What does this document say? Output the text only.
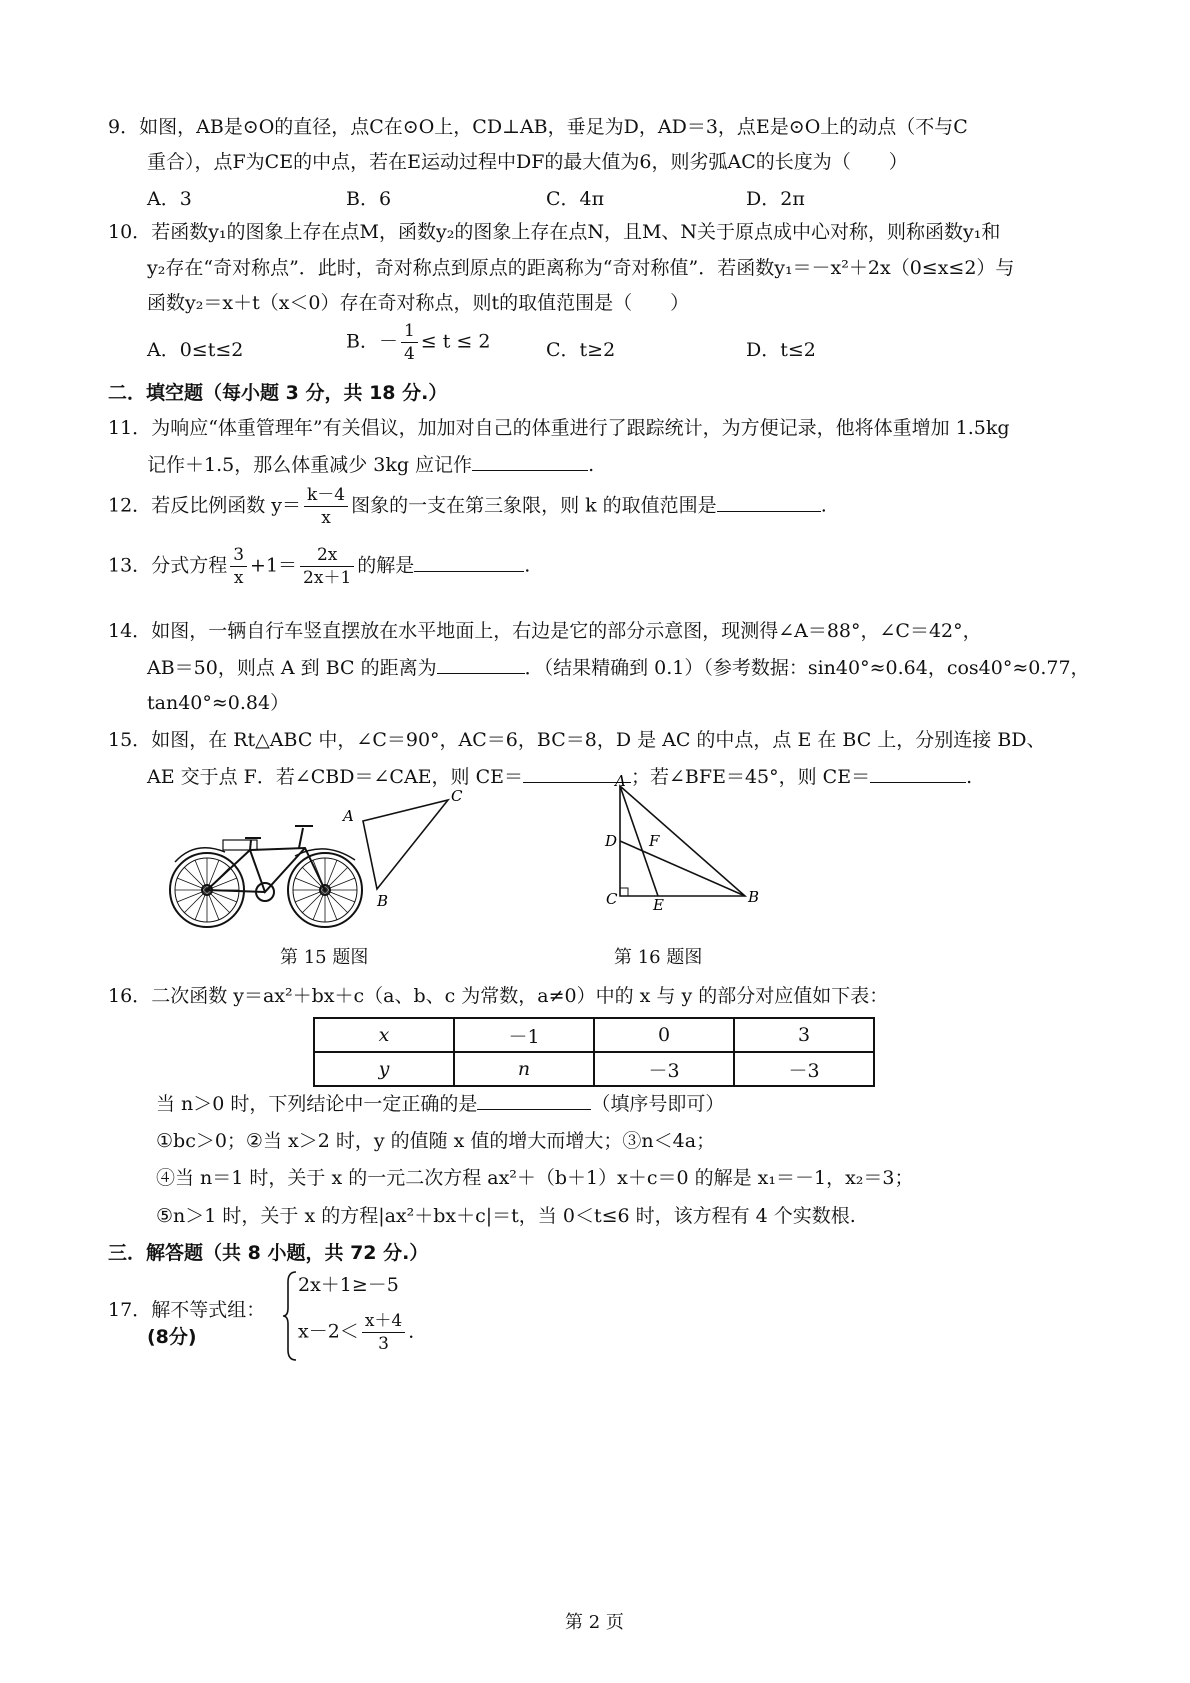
9．如图，AB是⊙O的直径，点C在⊙O上，CD⊥AB，垂足为D，AD＝3，点E是⊙O上的动点（不与C
重合），点F为CE的中点，若在E运动过程中DF的最大值为6，则劣弧AC的长度为（　　）
A．3	B．6	C．4π	D．2π
10．若函数y₁的图象上存在点M，函数y₂的图象上存在点N，且M、N关于原点成中心对称，则称函数y₁和
y₂存在“奇对称点”．此时，奇对称点到原点的距离称为“奇对称值”．若函数y₁＝－x²＋2x（0≤x≤2）与
函数y₂＝x＋t（x＜0）存在奇对称点，则t的取值范围是（　　）
A．0≤t≤2	B．－ $\frac{1}{4} \le t \le 2$	C．t≥2	D．t≤2
二．填空题（每小题 3 分，共 18 分.）
11．为响应“体重管理年”有关倡议，加加对自己的体重进行了跟踪统计，为方便记录，他将体重增加 1.5kg
记作＋1.5，那么体重减少 3kg 应记作	.
12．若反比例函数 $y= \frac{k-4}{x}$ 图象的一支在第三象限，则 k 的取值范围是	.
13．分式方程 $\frac{3}{x} +1= \frac{2x}{2x+1}$ 的解是	.
14．如图，一辆自行车竖直摆放在水平地面上，右边是它的部分示意图，现测得∠A＝88°，∠C＝42°，
AB＝50，则点 A 到 BC 的距离为	．（结果精确到 0.1）（参考数据：sin40°≈0.64，cos40°≈0.77，
tan40°≈0.84）
15．如图，在 Rt△ABC 中，∠C＝90°，AC＝6，BC＝8，D 是 AC 的中点，点 E 在 BC 上，分别连接 BD、
AE 交于点 F．若∠CBD＝∠CAE，则 CE＝	；若∠BFE＝45°，则 CE＝	.
A
C
B
A
D F
C E	B
第 15 题图	第 16 题图
16．二次函数 y＝ax²＋bx＋c（a、b、c 为常数，a≠0）中的 x 与 y 的部分对应值如下表：
x	－1	0	3
y	n	－3	－3
当 n＞0 时，下列结论中一定正确的是	（填序号即可）
①bc＞0；②当 x＞2 时，y 的值随 x 值的增大而增大；③n＜4a；
④当 n＝1 时，关于 x 的一元二次方程 ax²＋（b＋1）x＋c＝0 的解是 x₁＝－1，x₂＝3；
⑤n＞1 时，关于 x 的方程|ax²＋bx＋c|＝t，当 0＜t≤6 时，该方程有 4 个实数根.
三．解答题（共 8 小题，共 72 分.）
17．解不等式组：
(8分)
2x＋1≥－5
$x-2< \frac{x+4}{3}$ ．
第 2 页
